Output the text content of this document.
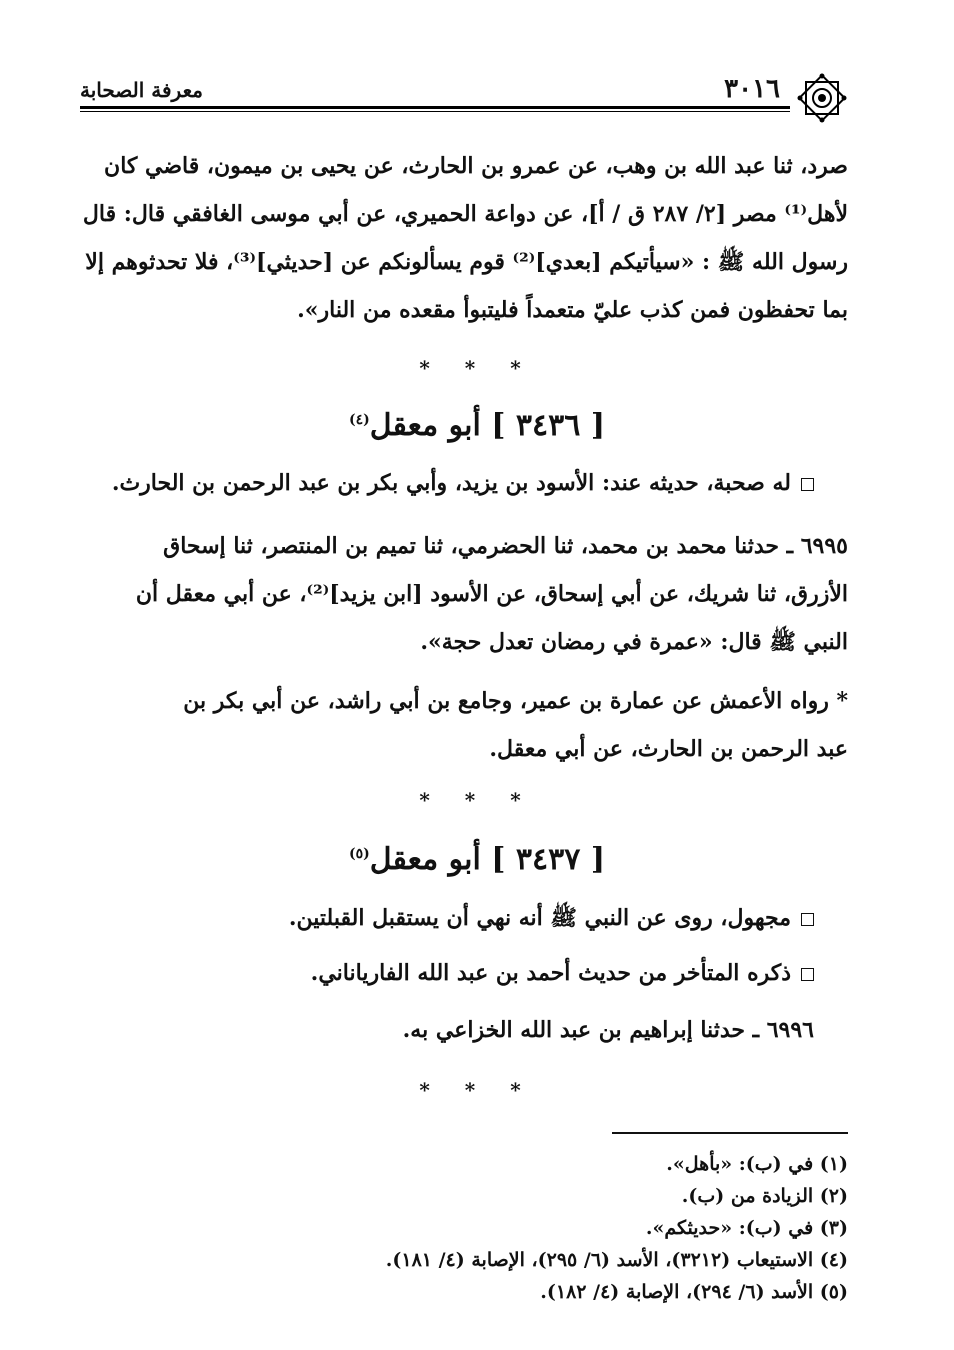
معرفة الصحابة	٣٠١٦
صرد، ثنا عبد الله بن وهب، عن عمرو بن الحارث، عن يحيى بن ميمون، قاضي كان
لأهل⁽¹⁾ مصر [٢/ ٢٨٧ ق / أ]، عن دواعة الحميري، عن أبي موسى الغافقي قال: قال
رسول الله ﷺ : «سيأتيكم [بعدي]⁽²⁾ قوم يسألونكم عن [حديثي]⁽³⁾، فلا تحدثوهم إلا
بما تحفظون فمن كذب عليّ متعمداً فليتبوأ مقعده من النار».
* * *
[ ٣٤٣٦ ] أبو معقل$^{(٤)}$
له صحبة، حديثه عند: الأسود بن يزيد، وأبي بكر بن عبد الرحمن بن الحارث.
٦٩٩٥ ـ حدثنا محمد بن محمد، ثنا الحضرمي، ثنا تميم بن المنتصر، ثنا إسحاق
الأزرق، ثنا شريك، عن أبي إسحاق، عن الأسود [ابن يزيد]⁽²⁾، عن أبي معقل أن
النبي ﷺ قال: «عمرة في رمضان تعدل حجة».
* رواه الأعمش عن عمارة بن عمير، وجامع بن أبي راشد، عن أبي بكر بن
عبد الرحمن بن الحارث، عن أبي معقل.
* * *
[ ٣٤٣٧ ] أبو معقل$^{(٥)}$
مجهول، روى عن النبي ﷺ أنه نهي أن يستقبل القبلتين.
ذكره المتأخر من حديث أحمد بن عبد الله الفارياناني.
٦٩٩٦ ـ حدثنا إبراهيم بن عبد الله الخزاعي به.
* * *
(١) في (ب): «بأهل».
(٢) الزيادة من (ب).
(٣) في (ب): «حديثكم».
(٤) الاستيعاب (٣٢١٢)، الأسد (٦/ ٢٩٥)، الإصابة (٤/ ١٨١).
(٥) الأسد (٦/ ٢٩٤)، الإصابة (٤/ ١٨٢).
